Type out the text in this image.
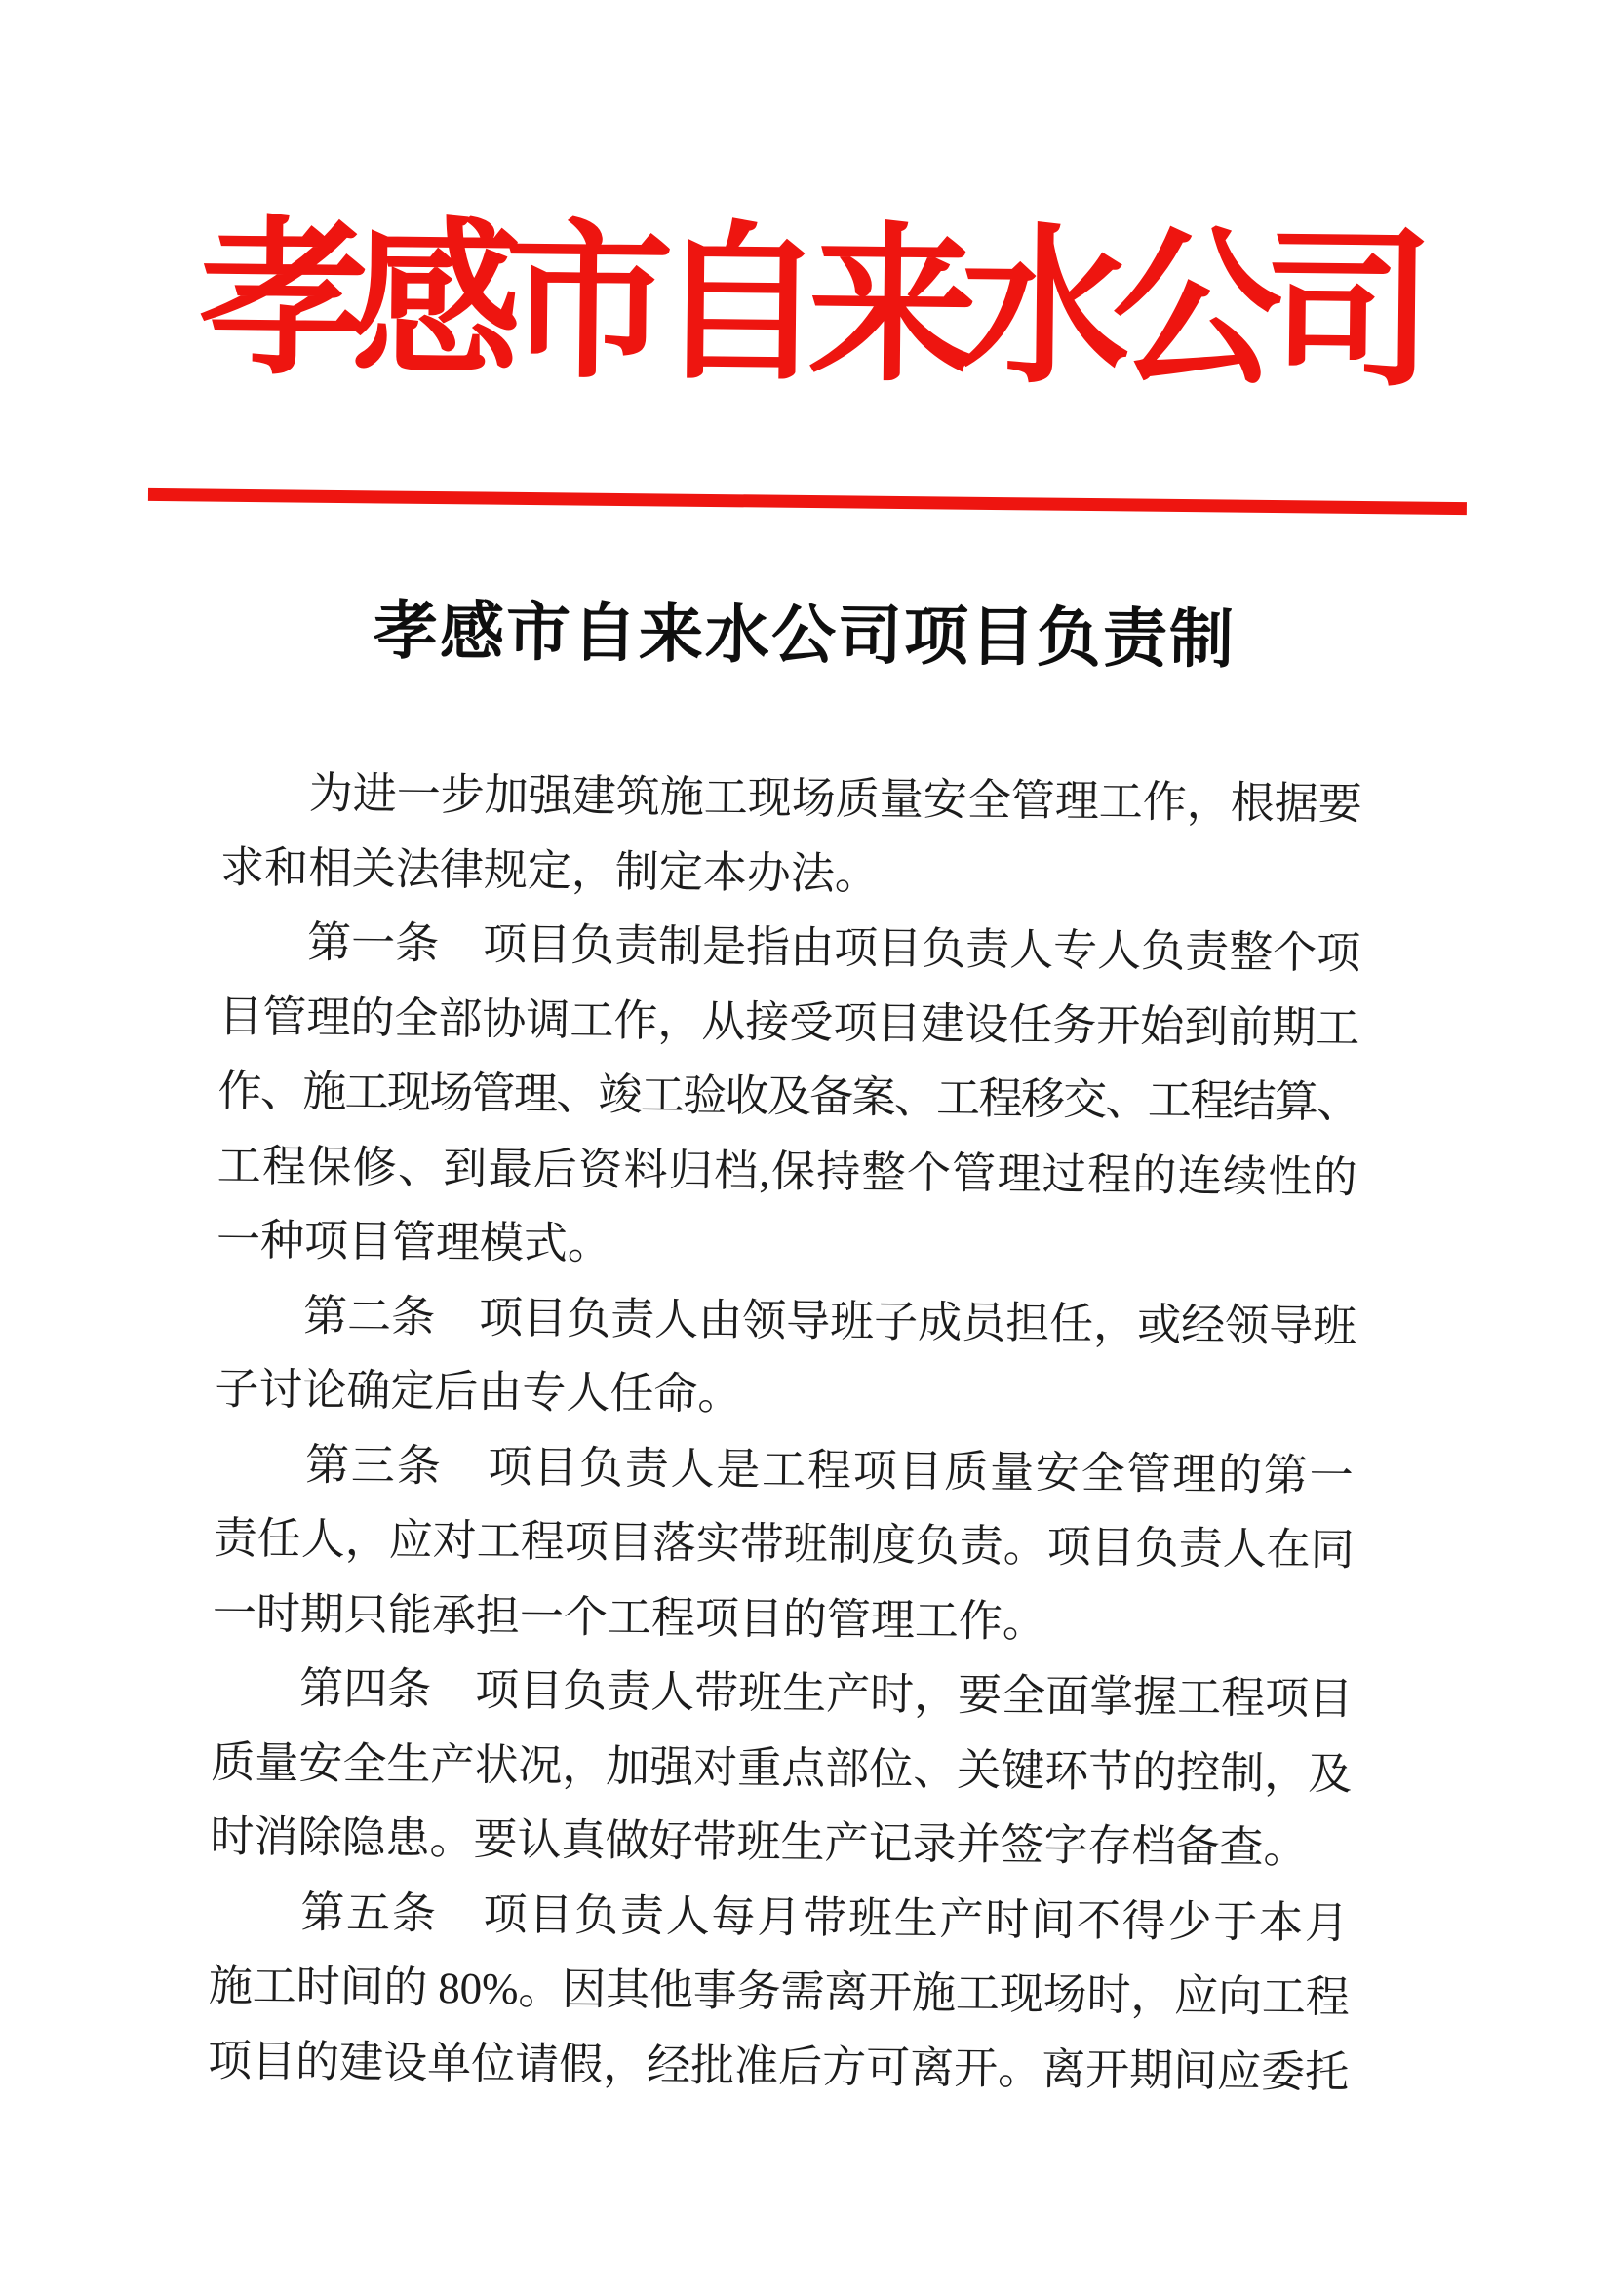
孝感市自来水公司
孝感市自来水公司项目负责制
　　为进一步加强建筑施工现场质量安全管理工作，根据要
求和相关法律规定，制定本办法。
　　第一条　项目负责制是指由项目负责人专人负责整个项
目管理的全部协调工作，从接受项目建设任务开始到前期工
作、施工现场管理、竣工验收及备案、工程移交、工程结算、
工程保修、到最后资料归档,保持整个管理过程的连续性的
一种项目管理模式。
　　第二条　项目负责人由领导班子成员担任，或经领导班
子讨论确定后由专人任命。
　　第三条　项目负责人是工程项目质量安全管理的第一
责任人，应对工程项目落实带班制度负责。项目负责人在同
一时期只能承担一个工程项目的管理工作。
　　第四条　项目负责人带班生产时，要全面掌握工程项目
质量安全生产状况，加强对重点部位、关键环节的控制，及
时消除隐患。要认真做好带班生产记录并签字存档备查。
　　第五条　项目负责人每月带班生产时间不得少于本月
施工时间的 80%。因其他事务需离开施工现场时，应向工程
项目的建设单位请假，经批准后方可离开。离开期间应委托
